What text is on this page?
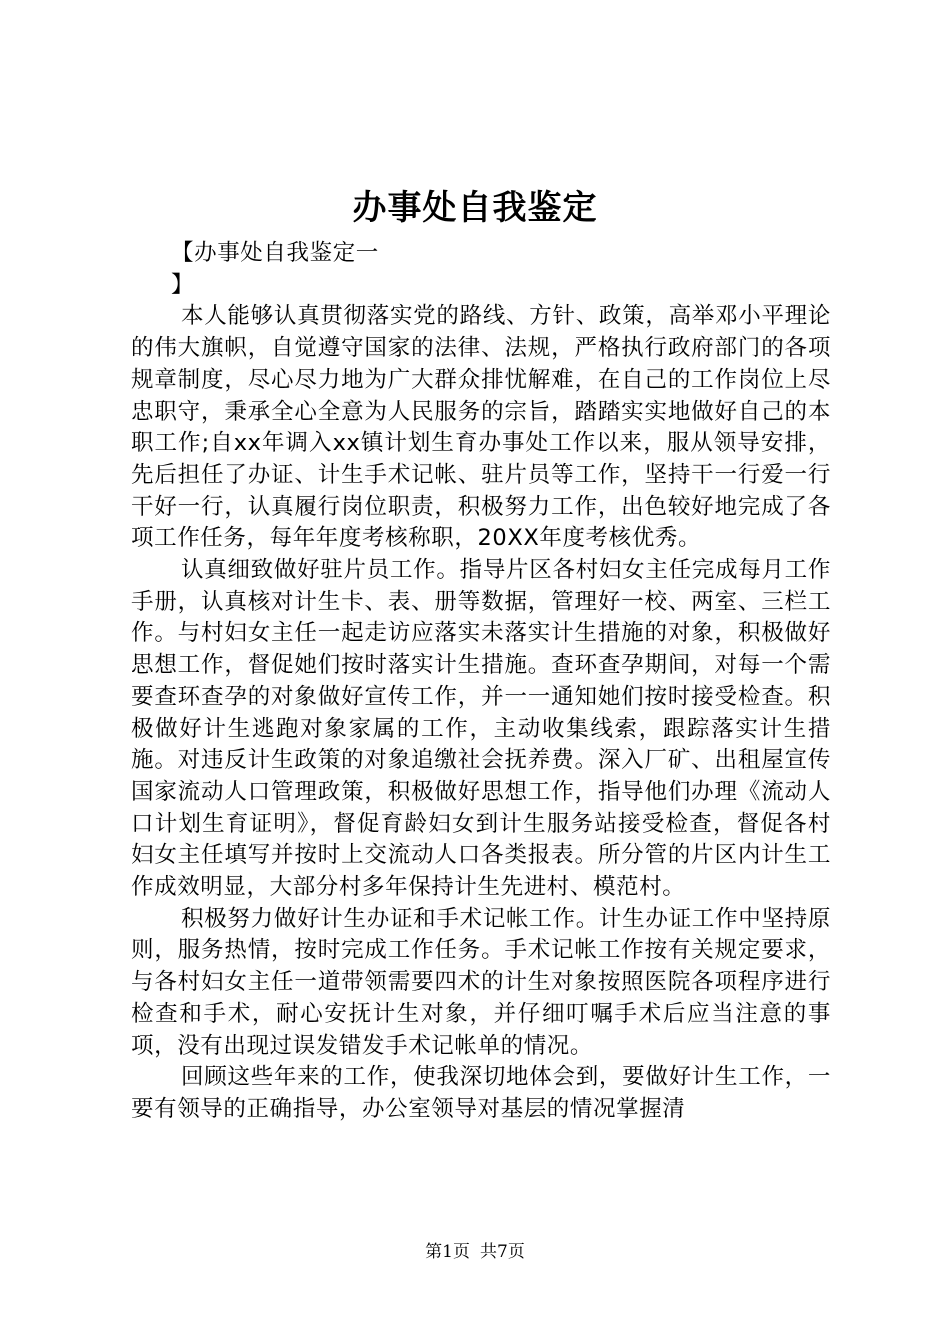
办事处自我鉴定

【办事处自我鉴定一

】

本人能够认真贯彻落实党的路线、方针、政策，高举邓小平理论的伟大旗帜，自觉遵守国家的法律、法规，严格执行政府部门的各项规章制度，尽心尽力地为广大群众排忧解难，在自己的工作岗位上尽忠职守，秉承全心全意为人民服务的宗旨，踏踏实实地做好自己的本职工作;自xx年调入xx镇计划生育办事处工作以来，服从领导安排，先后担任了办证、计生手术记帐、驻片员等工作，坚持干一行爱一行干好一行，认真履行岗位职责，积极努力工作，出色较好地完成了各项工作任务，每年年度考核称职，20XX年度考核优秀。

认真细致做好驻片员工作。指导片区各村妇女主任完成每月工作手册，认真核对计生卡、表、册等数据，管理好一校、两室、三栏工作。与村妇女主任一起走访应落实未落实计生措施的对象，积极做好思想工作，督促她们按时落实计生措施。查环查孕期间，对每一个需要查环查孕的对象做好宣传工作，并一一通知她们按时接受检查。积极做好计生逃跑对象家属的工作，主动收集线索，跟踪落实计生措施。对违反计生政策的对象追缴社会抚养费。深入厂矿、出租屋宣传国家流动人口管理政策，积极做好思想工作，指导他们办理《流动人口计划生育证明》，督促育龄妇女到计生服务站接受检查，督促各村妇女主任填写并按时上交流动人口各类报表。所分管的片区内计生工作成效明显，大部分村多年保持计生先进村、模范村。

积极努力做好计生办证和手术记帐工作。计生办证工作中坚持原则，服务热情，按时完成工作任务。手术记帐工作按有关规定要求，与各村妇女主任一道带领需要四术的计生对象按照医院各项程序进行检查和手术，耐心安抚计生对象，并仔细叮嘱手术后应当注意的事项，没有出现过误发错发手术记帐单的情况。

回顾这些年来的工作，使我深切地体会到，要做好计生工作，一要有领导的正确指导，办公室领导对基层的情况掌握清

第1页 共7页
